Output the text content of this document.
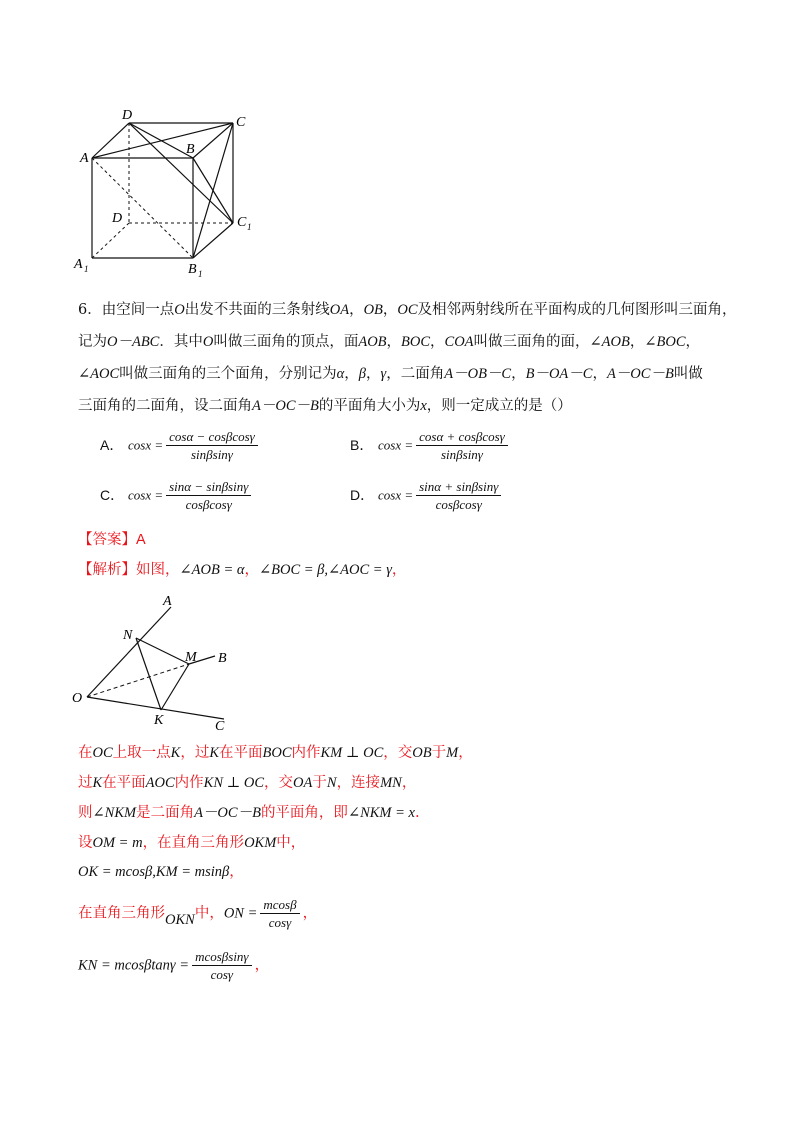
D	C
A
B
D	C 1
A 1	B 1
6．由空间一点O出发不共面的三条射线OA，OB，OC及相邻两射线所在平面构成的几何图形叫三面角，
记为O－ABC．其中O叫做三面角的顶点，面AOB，BOC，COA叫做三面角的面，∠AOB，∠BOC，
∠AOC叫做三面角的三个面角，分别记为α，β，γ，二面角A－OB－C，B－OA－C，A－OC－B叫做
三面角的二面角，设二面角A－OC－B的平面角大小为x，则一定成立的是（）
A． $\cos x = \frac{\cos\alpha - \cos\beta\cos\gamma}{\sin\beta\sin\gamma}$	B． $\cos x = \frac{\cos\alpha + \cos\beta\cos\gamma}{\sin\beta\sin\gamma}$
C． $\cos x = \frac{\sin\alpha - \sin\beta\sin\gamma}{\cos\beta\cos\gamma}$	D． $\cos x = \frac{\sin\alpha + \sin\beta\sin\gamma}{\cos\beta\cos\gamma}$
【答案】A
【解析】如图，∠AOB = α，∠BOC = β,∠AOC = γ，
A
N
M B
O
K	C
在OC上取一点K，过K在平面BOC内作KM ⊥ OC，交OB于M，
过K在平面AOC内作KN ⊥ OC，交OA于N，连接MN，
则∠NKM是二面角A－OC－B的平面角，即∠NKM = x.
设OM = m，在直角三角形OKM中，
OK = mcosβ,KM = msinβ，
在直角三角形OKN中，ON = $\frac{mcos\beta}{\cos\gamma}$ ，
KN = $mcos\beta\tan\gamma = \frac{mcos\beta\sin\gamma}{\cos\gamma}$ ，
